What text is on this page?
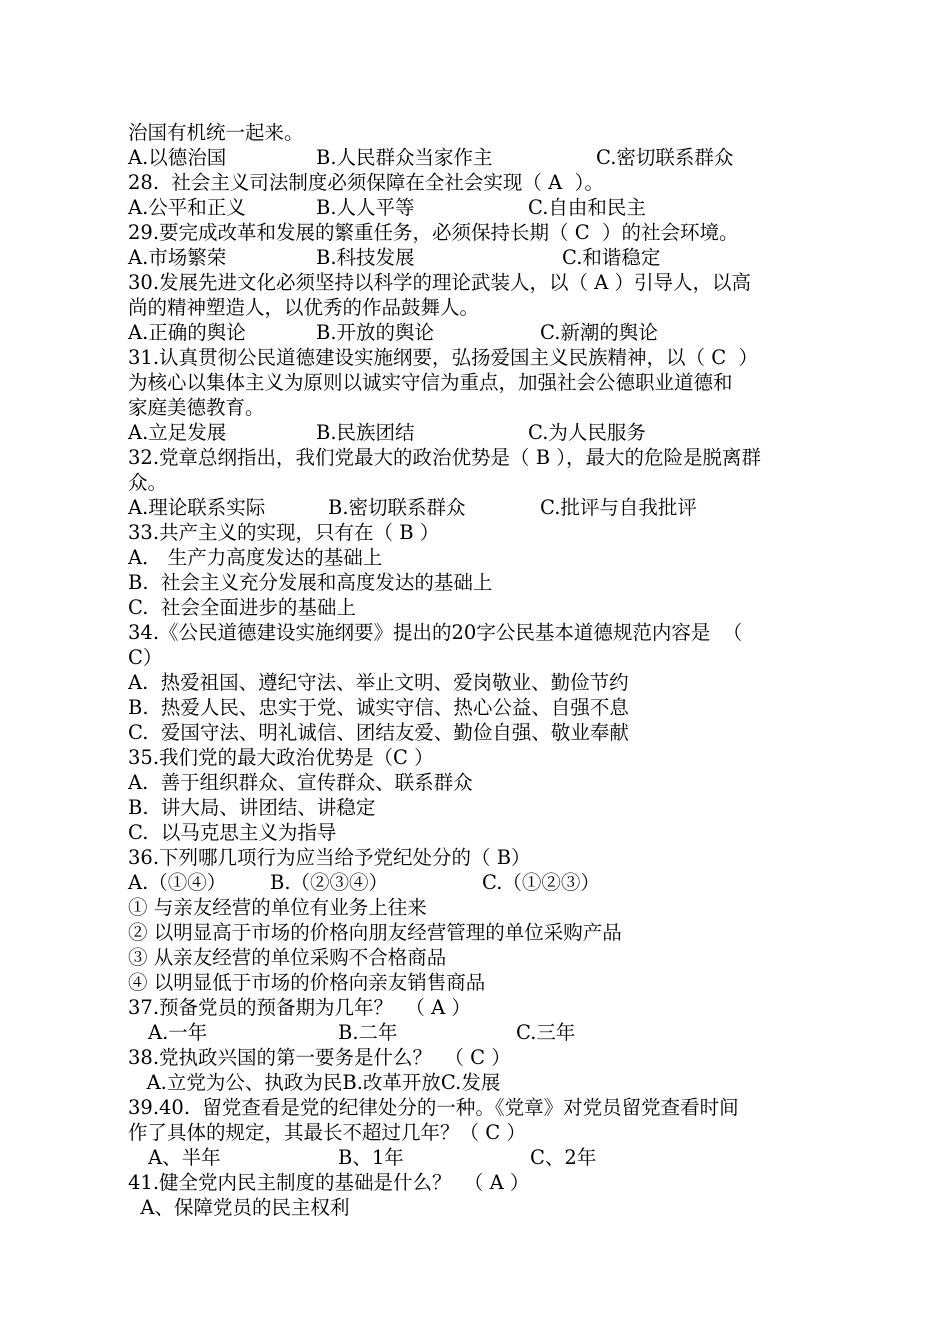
治国有机统一起来。
A.以德治国	B.人民群众当家作主	C.密切联系群众
28.  社会主义司法制度必须保障在全社会实现（ A  ）。
A.公平和正义	B.人人平等	C.自由和民主
29.要完成改革和发展的繁重任务，必须保持长期（ C  ）的社会环境。
A.市场繁荣	B.科技发展	C.和谐稳定
30.发展先进文化必须坚持以科学的理论武装人，以（ A ）引导人，以高
尚的精神塑造人，以优秀的作品鼓舞人。
A.正确的舆论	B.开放的舆论	C.新潮的舆论
31.认真贯彻公民道德建设实施纲要，弘扬爱国主义民族精神，以（ C  ）
为核心以集体主义为原则以诚实守信为重点，加强社会公德职业道德和
家庭美德教育。
A.立足发展	B.民族团结	C.为人民服务
32.党章总纲指出，我们党最大的政治优势是（ B ），最大的危险是脱离群
众。
A.理论联系实际	B.密切联系群众	C.批评与自我批评
33.共产主义的实现，只有在（ B ）
A． 生产力高度发达的基础上
B.  社会主义充分发展和高度发达的基础上
C.  社会全面进步的基础上
34.《公民道德建设实施纲要》提出的20字公民基本道德规范内容是  （
C）
A.  热爱祖国、遵纪守法、举止文明、爱岗敬业、勤俭节约
B.  热爱人民、忠实于党、诚实守信、热心公益、自强不息
C.  爱国守法、明礼诚信、团结友爱、勤俭自强、敬业奉献
35.我们党的最大政治优势是（C ）
A.  善于组织群众、宣传群众、联系群众
B.  讲大局、讲团结、讲稳定
C.  以马克思主义为指导
36.下列哪几项行为应当给予党纪处分的（ B）
A.（①④）	B.（②③④）	C.（①②③）
① 与亲友经营的单位有业务上往来
② 以明显高于市场的价格向朋友经营管理的单位采购产品
③ 从亲友经营的单位采购不合格商品
④ 以明显低于市场的价格向亲友销售商品
37.预备党员的预备期为几年？  （ A ）
A.一年	B.二年	C.三年
38.党执政兴国的第一要务是什么？  （ C ）
A.立党为公、执政为民B.改革开放C.发展
39.40.  留党查看是党的纪律处分的一种。《党章》对党员留党查看时间
作了具体的规定，其最长不超过几年？（ C ）
A、半年	B、1年	C、2年
41.健全党内民主制度的基础是什么？  （ A ）
A、保障党员的民主权利
